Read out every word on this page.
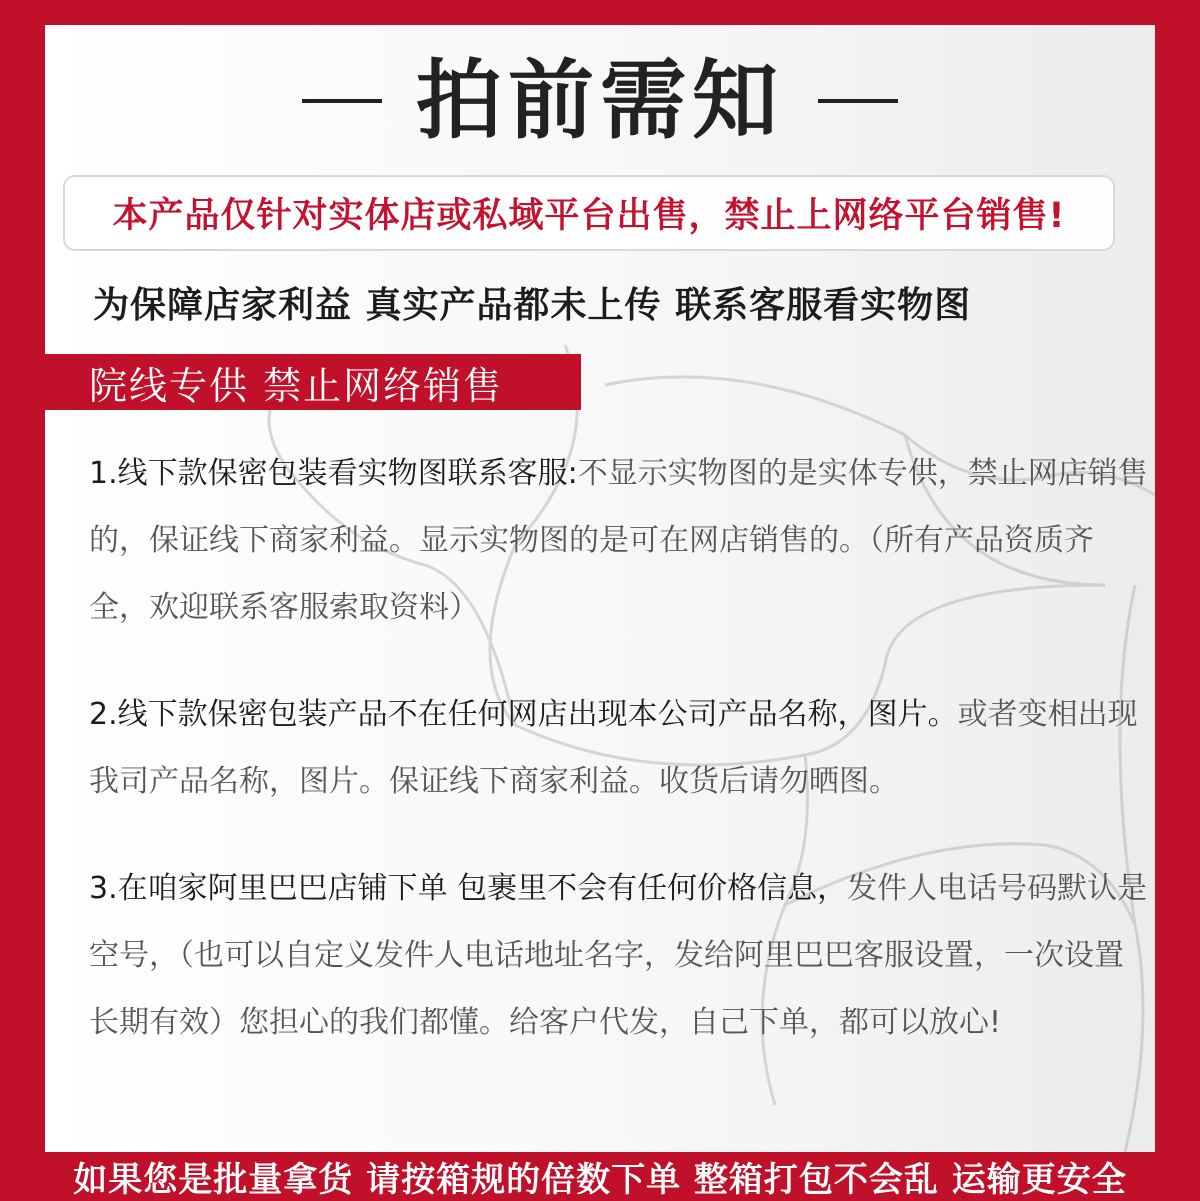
拍前需知
本产品仅针对实体店或私域平台出售，禁止上网络平台销售!
为保障店家利益 真实产品都未上传 联系客服看实物图
院线专供 禁止网络销售
1.线下款保密包装看实物图联系客服:不显示实物图的是实体专供，禁止网店销售的，保证线下商家利益。显示实物图的是可在网店销售的。（所有产品资质齐全，欢迎联系客服索取资料）
2.线下款保密包装产品不在任何网店出现本公司产品名称，图片。或者变相出现我司产品名称，图片。保证线下商家利益。收货后请勿晒图。
3.在咱家阿里巴巴店铺下单 包裹里不会有任何价格信息，发件人电话号码默认是空号，（也可以自定义发件人电话地址名字，发给阿里巴巴客服设置，一次设置长期有效）您担心的我们都懂。给客户代发，自己下单，都可以放心!
如果您是批量拿货 请按箱规的倍数下单 整箱打包不会乱 运输更安全
